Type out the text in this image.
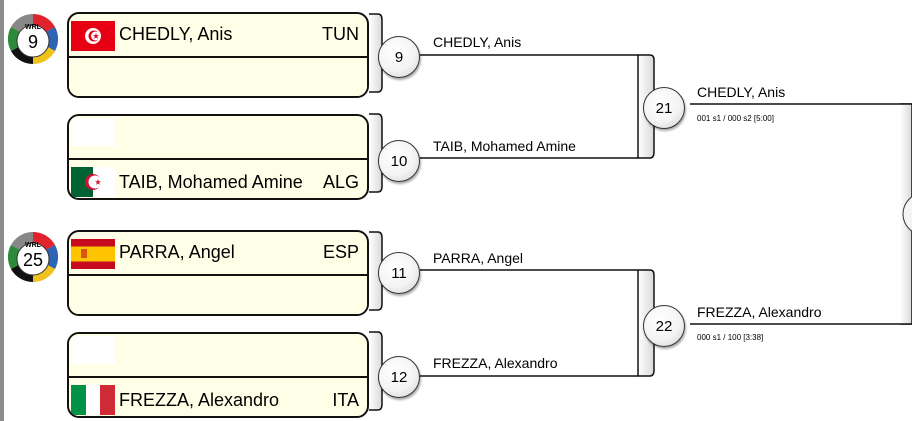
WRL
9
WRL
25
CHEDLY, Anis	TUN
TAIB, Mohamed Amine ALG
PARRA, Angel	ESP
FREZZA, Alexandro	ITA
9
10
11
12
CHEDLY, Anis
TAIB, Mohamed Amine
PARRA, Angel
FREZZA, Alexandro
21
22
CHEDLY, Anis
001 s1 / 000 s2 [5:00]
FREZZA, Alexandro
000 s1 / 100 [3:38]
